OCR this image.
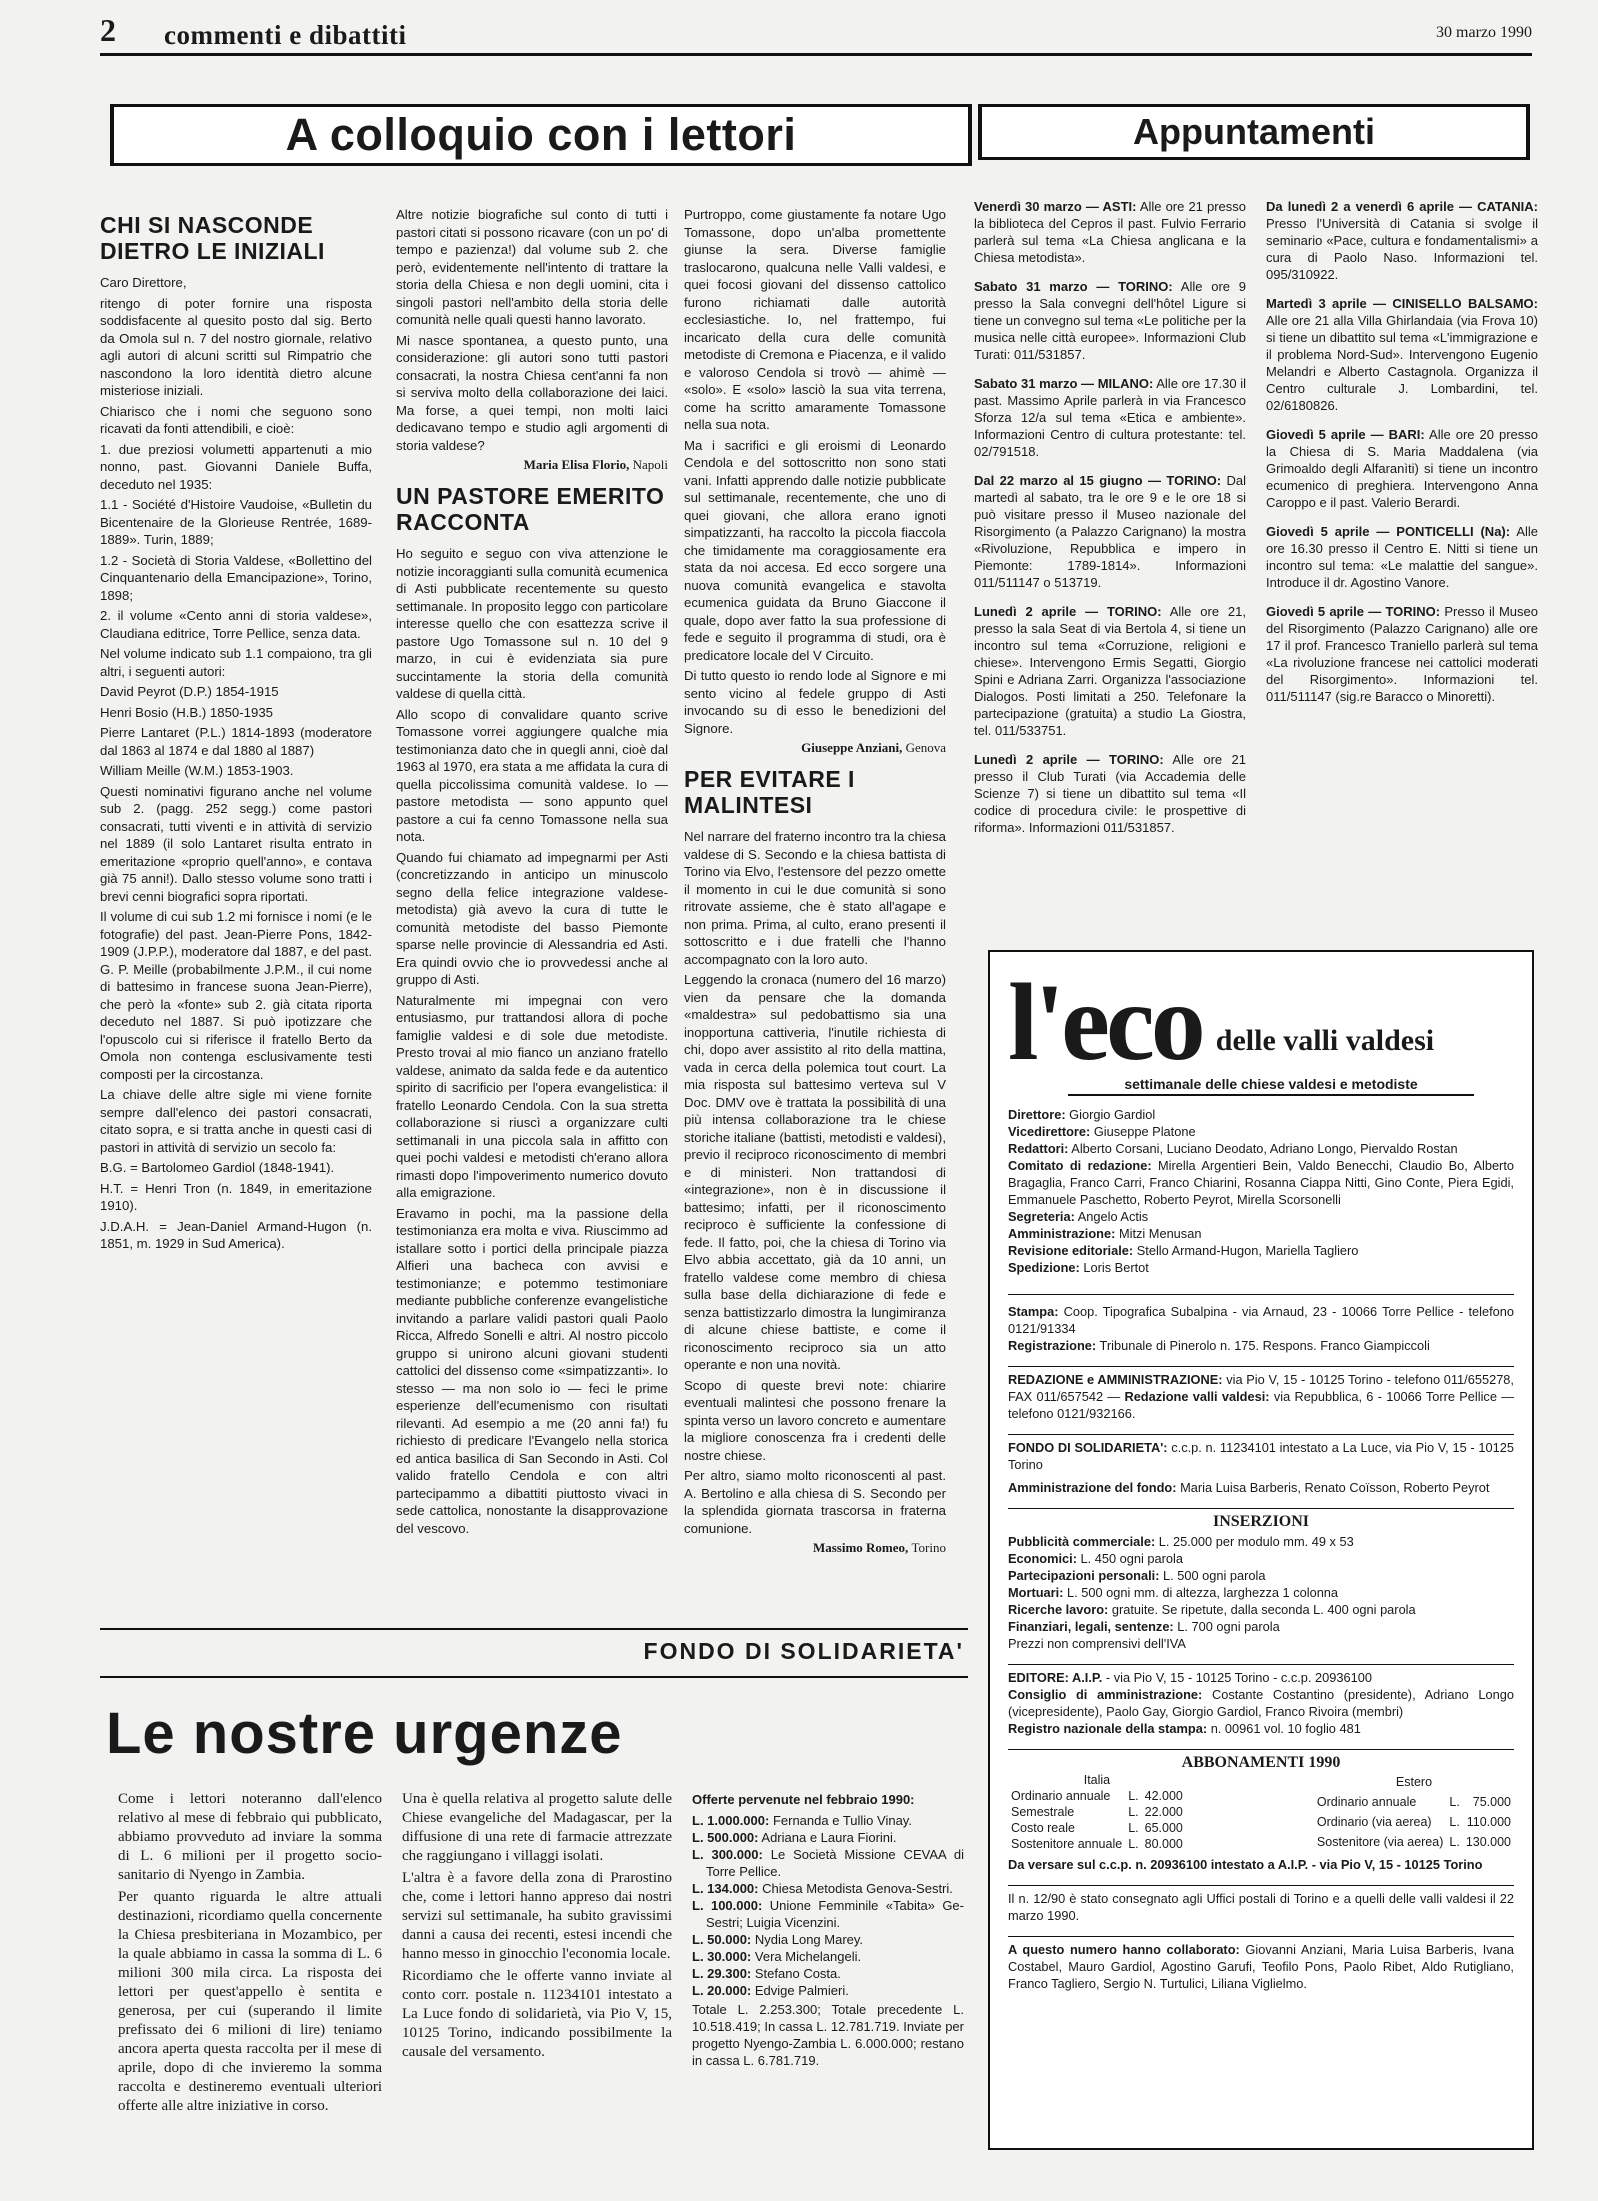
2 commenti e dibattiti	30 marzo 1990
A colloquio con i lettori	Appuntamenti
CHI SI NASCONDE DIETRO LE INIZIALI

Caro Direttore,

ritengo di poter fornire una risposta soddisfacente al quesito posto dal sig. Berto da Omola sul n. 7 del nostro giornale, relativo agli autori di alcuni scritti sul Rimpatrio che nascondono la loro identità dietro alcune misteriose iniziali.

Chiarisco che i nomi che seguono sono ricavati da fonti attendibili, e cioè:

1. due preziosi volumetti appartenuti a mio nonno, past. Giovanni Daniele Buffa, deceduto nel 1935:

1.1 - Société d'Histoire Vaudoise, «Bulletin du Bicentenaire de la Glorieuse Rentrée, 1689-1889». Turin, 1889;

1.2 - Società di Storia Valdese, «Bollettino del Cinquantenario della Emancipazione», Torino, 1898;

2. il volume «Cento anni di storia valdese», Claudiana editrice, Torre Pellice, senza data.

Nel volume indicato sub 1.1 compaiono, tra gli altri, i seguenti autori:

David Peyrot (D.P.) 1854-1915

Henri Bosio (H.B.) 1850-1935

Pierre Lantaret (P.L.) 1814-1893 (moderatore dal 1863 al 1874 e dal 1880 al 1887)

William Meille (W.M.) 1853-1903.

Questi nominativi figurano anche nel volume sub 2. (pagg. 252 segg.) come pastori consacrati, tutti viventi e in attività di servizio nel 1889 (il solo Lantaret risulta entrato in emeritazione «proprio quell'anno», e contava già 75 anni!). Dallo stesso volume sono tratti i brevi cenni biografici sopra riportati.

Il volume di cui sub 1.2 mi fornisce i nomi (e le fotografie) del past. Jean-Pierre Pons, 1842-1909 (J.P.P.), moderatore dal 1887, e del past. G. P. Meille (probabilmente J.P.M., il cui nome di battesimo in francese suona Jean-Pierre), che però la «fonte» sub 2. già citata riporta deceduto nel 1887. Si può ipotizzare che l'opuscolo cui si riferisce il fratello Berto da Omola non contenga esclusivamente testi composti per la circostanza.

La chiave delle altre sigle mi viene fornite sempre dall'elenco dei pastori consacrati, citato sopra, e si tratta anche in questi casi di pastori in attività di servizio un secolo fa:

B.G. = Bartolomeo Gardiol (1848-1941).

H.T. = Henri Tron (n. 1849, in emeritazione 1910).

J.D.A.H. = Jean-Daniel Armand-Hugon (n. 1851, m. 1929 in Sud America).

Altre notizie biografiche sul conto di tutti i pastori citati si possono ricavare (con un po' di tempo e pazienza!) dal volume sub 2. che però, evidentemente nell'intento di trattare la storia della Chiesa e non degli uomini, cita i singoli pastori nell'ambito della storia delle comunità nelle quali questi hanno lavorato.

Mi nasce spontanea, a questo punto, una considerazione: gli autori sono tutti pastori consacrati, la nostra Chiesa cent'anni fa non si serviva molto della collaborazione dei laici. Ma forse, a quei tempi, non molti laici dedicavano tempo e studio agli argomenti di storia valdese?

Maria Elisa Florio, Napoli
UN PASTORE EMERITO RACCONTA

Ho seguito e seguo con viva attenzione le notizie incoraggianti sulla comunità ecumenica di Asti pubblicate recentemente su questo settimanale. In proposito leggo con particolare interesse quello che con esattezza scrive il pastore Ugo Tomassone sul n. 10 del 9 marzo, in cui è evidenziata sia pure succintamente la storia della comunità valdese di quella città.

Allo scopo di convalidare quanto scrive Tomassone vorrei aggiungere qualche mia testimonianza dato che in quegli anni, cioè dal 1963 al 1970, era stata a me affidata la cura di quella piccolissima comunità valdese. Io — pastore metodista — sono appunto quel pastore a cui fa cenno Tomassone nella sua nota.

Quando fui chiamato ad impegnarmi per Asti (concretizzando in anticipo un minuscolo segno della felice integrazione valdese-metodista) già avevo la cura di tutte le comunità metodiste del basso Piemonte sparse nelle provincie di Alessandria ed Asti. Era quindi ovvio che io provvedessi anche al gruppo di Asti.

Naturalmente mi impegnai con vero entusiasmo, pur trattandosi allora di poche famiglie valdesi e di sole due metodiste. Presto trovai al mio fianco un anziano fratello valdese, animato da salda fede e da autentico spirito di sacrificio per l'opera evangelistica: il fratello Leonardo Cendola. Con la sua stretta collaborazione si riuscì a organizzare culti settimanali in una piccola sala in affitto con quei pochi valdesi e metodisti ch'erano allora rimasti dopo l'impoverimento numerico dovuto alla emigrazione.

Eravamo in pochi, ma la passione della testimonianza era molta e viva. Riuscimmo ad istallare sotto i portici della principale piazza Alfieri una bacheca con avvisi e testimonianze; e potemmo testimoniare mediante pubbliche conferenze evangelistiche invitando a parlare validi pastori quali Paolo Ricca, Alfredo Sonelli e altri. Al nostro piccolo gruppo si unirono alcuni giovani studenti cattolici del dissenso come «simpatizzanti». Io stesso — ma non solo io — feci le prime esperienze dell'ecumenismo con risultati rilevanti. Ad esempio a me (20 anni fa!) fu richiesto di predicare l'Evangelo nella storica ed antica basilica di San Secondo in Asti. Col valido fratello Cendola e con altri partecipammo a dibattiti piuttosto vivaci in sede cattolica, nonostante la disapprovazione del vescovo.

Purtroppo, come giustamente fa notare Ugo Tomassone, dopo un'alba promettente giunse la sera. Diverse famiglie traslocarono, qualcuna nelle Valli valdesi, e quei focosi giovani del dissenso cattolico furono richiamati dalle autorità ecclesiastiche. Io, nel frattempo, fui incaricato della cura delle comunità metodiste di Cremona e Piacenza, e il valido e valoroso Cendola si trovò — ahimè — «solo». E «solo» lasciò la sua vita terrena, come ha scritto amaramente Tomassone nella sua nota.

Ma i sacrifici e gli eroismi di Leonardo Cendola e del sottoscritto non sono stati vani. Infatti apprendo dalle notizie pubblicate sul settimanale, recentemente, che uno di quei giovani, che allora erano ignoti simpatizzanti, ha raccolto la piccola fiaccola che timidamente ma coraggiosamente era stata da noi accesa. Ed ecco sorgere una nuova comunità evangelica e stavolta ecumenica guidata da Bruno Giaccone il quale, dopo aver fatto la sua professione di fede e seguito il programma di studi, ora è predicatore locale del V Circuito.

Di tutto questo io rendo lode al Signore e mi sento vicino al fedele gruppo di Asti invocando su di esso le benedizioni del Signore.

Giuseppe Anziani, Genova
PER EVITARE I MALINTESI

Nel narrare del fraterno incontro tra la chiesa valdese di S. Secondo e la chiesa battista di Torino via Elvo, l'estensore del pezzo omette il momento in cui le due comunità si sono ritrovate assieme, che è stato all'agape e non prima. Prima, al culto, erano presenti il sottoscritto e i due fratelli che l'hanno accompagnato con la loro auto.

Leggendo la cronaca (numero del 16 marzo) vien da pensare che la domanda «maldestra» sul pedobattismo sia una inopportuna cattiveria, l'inutile richiesta di chi, dopo aver assistito al rito della mattina, vada in cerca della polemica tout court. La mia risposta sul battesimo verteva sul V Doc. DMV ove è trattata la possibilità di una più intensa collaborazione tra le chiese storiche italiane (battisti, metodisti e valdesi), previo il reciproco riconoscimento di membri e di ministeri. Non trattandosi di «integrazione», non è in discussione il battesimo; infatti, per il riconoscimento reciproco è sufficiente la confessione di fede. Il fatto, poi, che la chiesa di Torino via Elvo abbia accettato, già da 10 anni, un fratello valdese come membro di chiesa sulla base della dichiarazione di fede e senza battistizzarlo dimostra la lungimiranza di alcune chiese battiste, e come il riconoscimento reciproco sia un atto operante e non una novità.

Scopo di queste brevi note: chiarire eventuali malintesi che possono frenare la spinta verso un lavoro concreto e aumentare la migliore conoscenza fra i credenti delle nostre chiese.

Per altro, siamo molto riconoscenti al past. A. Bertolino e alla chiesa di S. Secondo per la splendida giornata trascorsa in fraterna comunione.

Massimo Romeo, Torino

Venerdì 30 marzo — ASTI: Alle ore 21 presso la biblioteca del Cepros il past. Fulvio Ferrario parlerà sul tema «La Chiesa anglicana e la Chiesa metodista».

Sabato 31 marzo — TORINO: Alle ore 9 presso la Sala convegni dell'hôtel Ligure si tiene un convegno sul tema «Le politiche per la musica nelle città europee». Informazioni Club Turati: 011/531857.

Sabato 31 marzo — MILANO: Alle ore 17.30 il past. Massimo Aprile parlerà in via Francesco Sforza 12/a sul tema «Etica e ambiente». Informazioni Centro di cultura protestante: tel. 02/791518.

Dal 22 marzo al 15 giugno — TORINO: Dal martedì al sabato, tra le ore 9 e le ore 18 si può visitare presso il Museo nazionale del Risorgimento (a Palazzo Carignano) la mostra «Rivoluzione, Repubblica e impero in Piemonte: 1789-1814». Informazioni 011/511147 o 513719.

Lunedì 2 aprile — TORINO: Alle ore 21, presso la sala Seat di via Bertola 4, si tiene un incontro sul tema «Corruzione, religioni e chiese». Intervengono Ermis Segatti, Giorgio Spini e Adriana Zarri. Organizza l'associazione Dialogos. Posti limitati a 250. Telefonare la partecipazione (gratuita) a studio La Giostra, tel. 011/533751.

Lunedì 2 aprile — TORINO: Alle ore 21 presso il Club Turati (via Accademia delle Scienze 7) si tiene un dibattito sul tema «Il codice di procedura civile: le prospettive di riforma». Informazioni 011/531857.

Da lunedì 2 a venerdì 6 aprile — CATANIA: Presso l'Università di Catania si svolge il seminario «Pace, cultura e fondamentalismi» a cura di Paolo Naso. Informazioni tel. 095/310922.

Martedì 3 aprile — CINISELLO BALSAMO: Alle ore 21 alla Villa Ghirlandaia (via Frova 10) si tiene un dibattito sul tema «L'immigrazione e il problema Nord-Sud». Intervengono Eugenio Melandri e Alberto Castagnola. Organizza il Centro culturale J. Lombardini, tel. 02/6180826.

Giovedì 5 aprile — BARI: Alle ore 20 presso la Chiesa di S. Maria Maddalena (via Grimoaldo degli Alfaranìti) si tiene un incontro ecumenico di preghiera. Intervengono Anna Caroppo e il past. Valerio Berardi.

Giovedì 5 aprile — PONTICELLI (Na): Alle ore 16.30 presso il Centro E. Nitti si tiene un incontro sul tema: «Le malattie del sangue». Introduce il dr. Agostino Vanore.

Giovedì 5 aprile — TORINO: Presso il Museo del Risorgimento (Palazzo Carignano) alle ore 17 il prof. Francesco Traniello parlerà sul tema «La rivoluzione francese nei cattolici moderati del Risorgimento». Informazioni tel. 011/511147 (sig.re Baracco o Minoretti).

FONDO DI SOLIDARIETA'
Le nostre urgenze

Come i lettori noteranno dall'elenco relativo al mese di febbraio qui pubblicato, abbiamo provveduto ad inviare la somma di L. 6 milioni per il progetto socio-sanitario di Nyengo in Zambia.

Per quanto riguarda le altre attuali destinazioni, ricordiamo quella concernente la Chiesa presbiteriana in Mozambico, per la quale abbiamo in cassa la somma di L. 6 milioni 300 mila circa. La risposta dei lettori per quest'appello è sentita e generosa, per cui (superando il limite prefissato dei 6 milioni di lire) teniamo ancora aperta questa raccolta per il mese di aprile, dopo di che invieremo la somma raccolta e destineremo eventuali ulteriori offerte alle altre iniziative in corso.

Una è quella relativa al progetto salute delle Chiese evangeliche del Madagascar, per la diffusione di una rete di farmacie attrezzate che raggiungano i villaggi isolati.

L'altra è a favore della zona di Prarostino che, come i lettori hanno appreso dai nostri servizi sul settimanale, ha subito gravissimi danni a causa dei recenti, estesi incendi che hanno messo in ginocchio l'economia locale.

Ricordiamo che le offerte vanno inviate al conto corr. postale n. 11234101 intestato a La Luce fondo di solidarietà, via Pio V, 15, 10125 Torino, indicando possibilmente la causale del versamento.

Offerte pervenute nel febbraio 1990:

L. 1.000.000: Fernanda e Tullio Vinay.

L. 500.000: Adriana e Laura Fiorini.

L. 300.000: Le Società Missione CEVAA di Torre Pellice.

L. 134.000: Chiesa Metodista Genova-Sestri.

L. 100.000: Unione Femminile «Tabita» Ge-Sestri; Luigia Vicenzini.

L. 50.000: Nydia Long Marey.

L. 30.000: Vera Michelangeli.

L. 29.300: Stefano Costa.

L. 20.000: Edvige Palmieri.

Totale L. 2.253.300; Totale precedente L. 10.518.419; In cassa L. 12.781.719. Inviate per progetto Nyengo-Zambia L. 6.000.000; restano in cassa L. 6.781.719.

l'eco delle valli valdesi
settimanale delle chiese valdesi e metodiste

Direttore: Giorgio Gardiol

Vicedirettore: Giuseppe Platone

Redattori: Alberto Corsani, Luciano Deodato, Adriano Longo, Piervaldo Rostan

Comitato di redazione: Mirella Argentieri Bein, Valdo Benecchi, Claudio Bo, Alberto Bragaglia, Franco Carri, Franco Chiarini, Rosanna Ciappa Nitti, Gino Conte, Piera Egidi, Emmanuele Paschetto, Roberto Peyrot, Mirella Scorsonelli

Segreteria: Angelo Actis

Amministrazione: Mitzi Menusan

Revisione editoriale: Stello Armand-Hugon, Mariella Tagliero

Spedizione: Loris Bertot

Stampa: Coop. Tipografica Subalpina - via Arnaud, 23 - 10066 Torre Pellice - telefono 0121/91334

Registrazione: Tribunale di Pinerolo n. 175. Respons. Franco Giampiccoli

REDAZIONE e AMMINISTRAZIONE: via Pio V, 15 - 10125 Torino - telefono 011/655278, FAX 011/657542 — Redazione valli valdesi: via Repubblica, 6 - 10066 Torre Pellice — telefono 0121/932166.

FONDO DI SOLIDARIETA': c.c.p. n. 11234101 intestato a La Luce, via Pio V, 15 - 10125 Torino

Amministrazione del fondo: Maria Luisa Barberis, Renato Coïsson, Roberto Peyrot

INSERZIONI

Pubblicità commerciale: L. 25.000 per modulo mm. 49 x 53

Economici: L. 450 ogni parola

Partecipazioni personali: L. 500 ogni parola

Mortuari: L. 500 ogni mm. di altezza, larghezza 1 colonna

Ricerche lavoro: gratuite. Se ripetute, dalla seconda L. 400 ogni parola

Finanziari, legali, sentenze: L. 700 ogni parola

Prezzi non comprensivi dell'IVA

EDITORE: A.I.P. - via Pio V, 15 - 10125 Torino - c.c.p. 20936100

Consiglio di amministrazione: Costante Costantino (presidente), Adriano Longo (vicepresidente), Paolo Gay, Giorgio Gardiol, Franco Rivoira (membri)

Registro nazionale della stampa: n. 00961 vol. 10 foglio 481

ABBONAMENTI 1990
Italia		
Ordinario annuale	L.	42.000
Semestrale	L.	22.000
Costo reale	L.	65.000
Sostenitore annuale	L.	80.000
Estero		
Ordinario annuale	L.	75.000
Ordinario (via aerea)	L.	110.000
Sostenitore (via aerea)	L.	130.000

Da versare sul c.c.p. n. 20936100 intestato a A.I.P. - via Pio V, 15 - 10125 Torino

Il n. 12/90 è stato consegnato agli Uffici postali di Torino e a quelli delle valli valdesi il 22 marzo 1990.

A questo numero hanno collaborato: Giovanni Anziani, Maria Luisa Barberis, Ivana Costabel, Mauro Gardiol, Agostino Garufi, Teofilo Pons, Paolo Ribet, Aldo Rutigliano, Franco Tagliero, Sergio N. Turtulici, Liliana Viglielmo.
